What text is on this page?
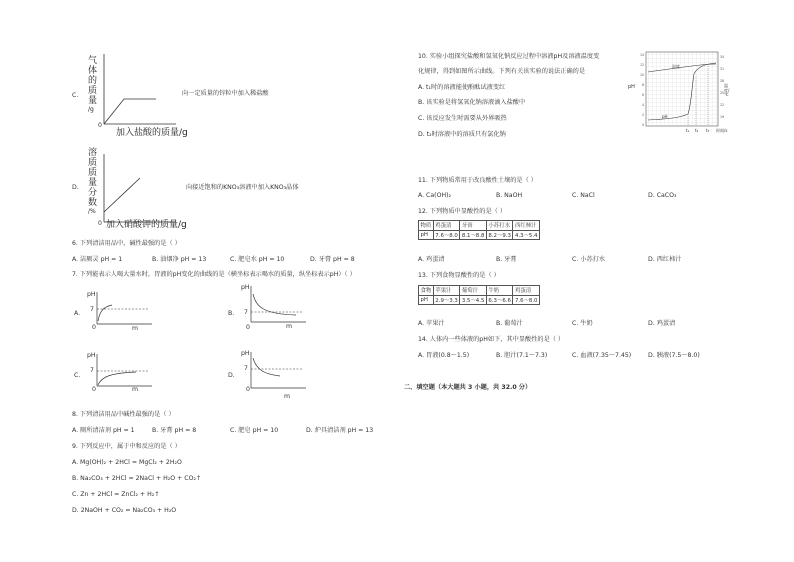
C.
气
体
的
质
量
/g
0
加入盐酸的质量/g
向一定质量的锌粒中加入稀盐酸
D.
溶
质
质
量
分
数
/%
0 加入硝酸钾的质量/g
向接近饱和的KNO₃溶液中加入KNO₃晶体
6. 下列清洁用品中，碱性最强的是（ ）
A. 洁厕灵 pH = 1	B. 油烟净 pH = 13	C. 肥皂水 pH = 10	D. 牙膏 pH = 8
7. 下列能表示人喝大量水时，胃液的pH变化的曲线的是（横坐标表示喝水的质量，纵坐标表示pH）（ ）
A.
pH
7
0	m
B.
pH
7
0	m
C.
pH
7
0	m
D.
pH
7
0
m
8. 下列清洁用品中碱性最强的是（ ）
A. 厕所清洁剂 pH = 1	B. 牙膏 pH = 8	C. 肥皂 pH = 10	D. 炉具清洁剂 pH = 13
9. 下列反应中，属于中和反应的是（ ）
A. Mg(OH)₂ + 2HCl = MgCl₂ + 2H₂O
B. Na₂CO₃ + 2HCl = 2NaCl + H₂O + CO₂↑
C. Zn + 2HCl = ZnCl₂ + H₂↑
D. 2NaOH + CO₂ = Na₂CO₃ + H₂O
10. 实验小组探究盐酸和氢氧化钠反应过程中溶液pH及溶液温度变
化规律，得到如图所示曲线。下列有关该实验的说法正确的是
A. t₁时的溶液能使酚酞试液变红
B. 该实验是将氢氧化钠溶液滴入盐酸中
C. 该反应发生时需要从外界吸热
D. t₂时溶液中的溶质只有氯化钠
pH
14
12
10
8
6
4
2
0
34
31
28
25
22
19
温度
pH
温度/℃
t₁ t₂ t₃ 时间/s
11. 下列物质常用于改良酸性土壤的是（ ）
A. Ca(OH)₂	B. NaOH	C. NaCl	D. CaCO₃
12. 下列物质中显酸性的是（ ）
物质	鸡蛋清	牙膏	小苏打水	西红柿汁
pH	7.6～8.0	8.1～8.8	8.2～9.3	4.3～5.4
A. 鸡蛋清	B. 牙膏	C. 小苏打水	D. 西红柿汁
13. 下列食物显酸性的是（ ）
食物	苹果汁	葡萄汁	牛奶	鸡蛋清
pH	2.9～3.3	3.5～4.5	6.3～6.6	7.6～8.0
A. 苹果汁	B. 葡萄汁	C. 牛奶	D. 鸡蛋清
14. 人体内一些体液的pH如下，其中显酸性的是（ ）
A. 胃液(0.8～1.5)	B. 胆汁(7.1～7.3)	C. 血液(7.35～7.45)	D. 胰液(7.5～8.0)
二、填空题（本大题共 3 小题，共 32.0 分）
